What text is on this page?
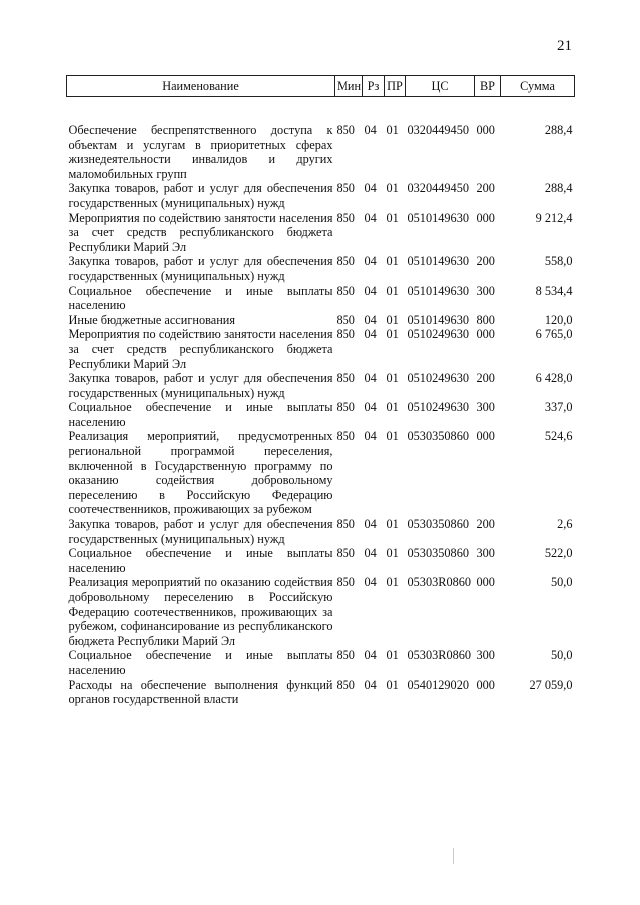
21
Наименование	Мин	Рз	ПР	ЦС	ВР	Сумма
Обеспечение беспрепятственного доступа к объектам и услугам в приоритетных сферах жизнедеятельности инвалидов и других маломобильных групп	850	04	01	0320449450	000	288,4
Закупка товаров, работ и услуг для обеспечения государственных (муниципальных) нужд	850	04	01	0320449450	200	288,4
Мероприятия по содействию занятости населения за счет средств республиканского бюджета Республики Марий Эл	850	04	01	0510149630	000	9 212,4
Закупка товаров, работ и услуг для обеспечения государственных (муниципальных) нужд	850	04	01	0510149630	200	558,0
Социальное обеспечение и иные выплаты населению	850	04	01	0510149630	300	8 534,4
Иные бюджетные ассигнования	850	04	01	0510149630	800	120,0
Мероприятия по содействию занятости населения за счет средств республиканского бюджета Республики Марий Эл	850	04	01	0510249630	000	6 765,0
Закупка товаров, работ и услуг для обеспечения государственных (муниципальных) нужд	850	04	01	0510249630	200	6 428,0
Социальное обеспечение и иные выплаты населению	850	04	01	0510249630	300	337,0
Реализация мероприятий, предусмотренных региональной программой переселения, включенной в Государственную программу по оказанию содействия добровольному переселению в Российскую Федерацию соотечественников, проживающих за рубежом	850	04	01	0530350860	000	524,6
Закупка товаров, работ и услуг для обеспечения государственных (муниципальных) нужд	850	04	01	0530350860	200	2,6
Социальное обеспечение и иные выплаты населению	850	04	01	0530350860	300	522,0
Реализация мероприятий по оказанию содействия добровольному переселению в Российскую Федерацию соотечественников, проживающих за рубежом, софинансирование из республиканского бюджета Республики Марий Эл	850	04	01	05303R0860	000	50,0
Социальное обеспечение и иные выплаты населению	850	04	01	05303R0860	300	50,0
Расходы на обеспечение выполнения функций органов государственной власти	850	04	01	0540129020	000	27 059,0
